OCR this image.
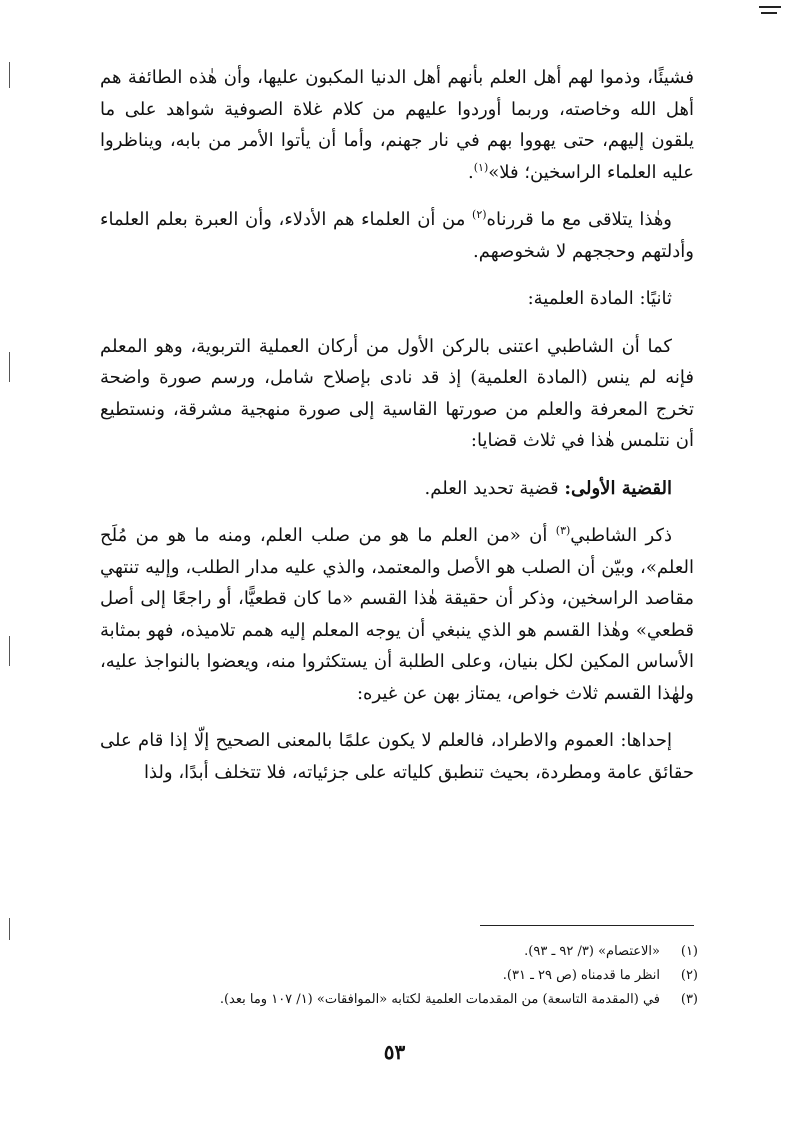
فشيئًا، وذموا لهم أهل العلم بأنهم أهل الدنيا المكبون عليها، وأن هٰذه الطائفة هم أهل الله وخاصته، وربما أوردوا عليهم من كلام غلاة الصوفية شواهد على ما يلقون إليهم، حتى يهووا بهم في نار جهنم، وأما أن يأتوا الأمر من بابه، ويناظروا عليه العلماء الراسخين؛ فلا»$^{(١)}$.

وهٰذا يتلاقى مع ما قررناه$^{(٢)}$ من أن العلماء هم الأدلاء، وأن العبرة بعلم العلماء وأدلتهم وحججهم لا شخوصهم.

ثانيًا: المادة العلمية:

كما أن الشاطبي اعتنى بالركن الأول من أركان العملية التربوية، وهو المعلم فإنه لم ينس (المادة العلمية) إذ قد نادى بإصلاح شامل، ورسم صورة واضحة تخرج المعرفة والعلم من صورتها القاسية إلى صورة منهجية مشرقة، ونستطيع أن نتلمس هٰذا في ثلاث قضايا:

القضية الأولى: قضية تحديد العلم.

ذكر الشاطبي$^{(٣)}$ أن «من العلم ما هو من صلب العلم، ومنه ما هو من مُلَح العلم»، وبيّن أن الصلب هو الأصل والمعتمد، والذي عليه مدار الطلب، وإليه تنتهي مقاصد الراسخين، وذكر أن حقيقة هٰذا القسم «ما كان قطعيًّا، أو راجعًا إلى أصل قطعي» وهٰذا القسم هو الذي ينبغي أن يوجه المعلم إليه همم تلاميذه، فهو بمثابة الأساس المكين لكل بنيان، وعلى الطلبة أن يستكثروا منه، ويعضوا بالنواجذ عليه، ولهٰذا القسم ثلاث خواص، يمتاز بهن عن غيره:

إحداها: العموم والاطراد، فالعلم لا يكون علمًا بالمعنى الصحيح إلّا إذا قام على حقائق عامة ومطردة، بحيث تنطبق كلياته على جزئياته، فلا تتخلف أبدًا، ولذا

(١)
«الاعتصام» (٣/ ٩٢ ـ ٩٣).
(٢)
انظر ما قدمناه (ص ٢٩ ـ ٣١).
(٣)
في (المقدمة التاسعة) من المقدمات العلمية لكتابه «الموافقات» (١/ ١٠٧ وما بعد).
٥٣
